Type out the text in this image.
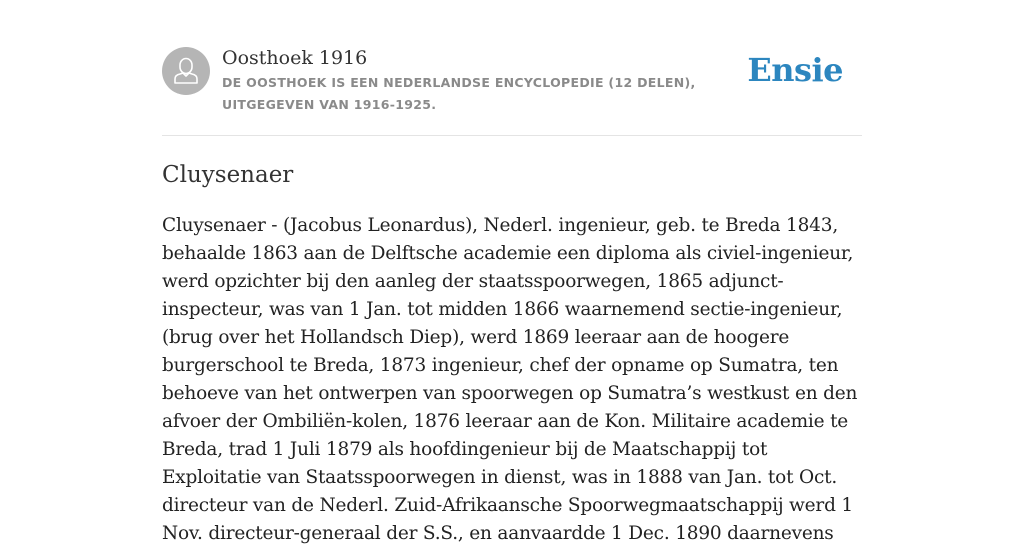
Oosthoek 1916
DE OOSTHOEK IS EEN NEDERLANDSE ENCYCLOPEDIE (12 DELEN), UITGEGEVEN VAN 1916-1925.
Ensie
Cluysenaer

Cluysenaer - (Jacobus Leonardus), Nederl. ingenieur, geb. te Breda 1843, behaalde 1863 aan de Delftsche academie een diploma als civiel-ingenieur, werd opzichter bij den aanleg der staatsspoorwegen, 1865 adjunct-inspecteur, was van 1 Jan. tot midden 1866 waarnemend sectie-ingenieur, (brug over het Hollandsch Diep), werd 1869 leeraar aan de hoogere burgerschool te Breda, 1873 ingenieur, chef der opname op Sumatra, ten behoeve van het ontwerpen van spoorwegen op Sumatra’s westkust en den afvoer der Ombiliën-kolen, 1876 leeraar aan de Kon. Militaire academie te Breda, trad 1 Juli 1879 als hoofdingenieur bij de Maatschappij tot Exploitatie van Staatsspoorwegen in dienst, was in 1888 van Jan. tot Oct. directeur van de Nederl. Zuid-Afrikaansche Spoorwegmaatschappij werd 1 Nov. directeur-generaal der S.S., en aanvaardde 1 Dec. 1890 daarnevens
